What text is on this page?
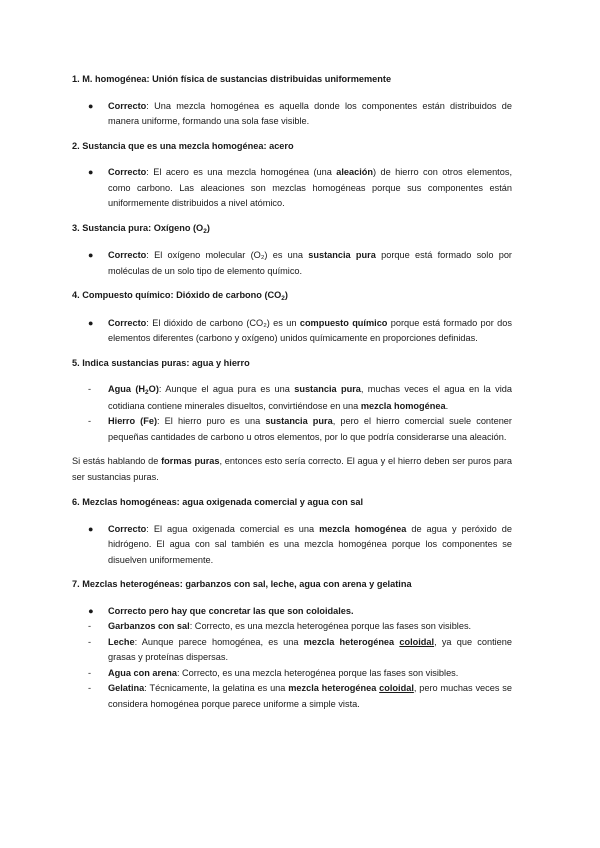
1. M. homogénea: Unión física de sustancias distribuidas uniformemente

● Correcto: Una mezcla homogénea es aquella donde los componentes están distribuidos de manera uniforme, formando una sola fase visible.

2. Sustancia que es una mezcla homogénea: acero

● Correcto: El acero es una mezcla homogénea (una aleación) de hierro con otros elementos, como carbono. Las aleaciones son mezclas homogéneas porque sus componentes están uniformemente distribuidos a nivel atómico.

3. Sustancia pura: Oxígeno $(O_2)$

● Correcto: El oxígeno molecular (O₂) es una sustancia pura porque está formado solo por moléculas de un solo tipo de elemento químico.

4. Compuesto químico: Dióxido de carbono $(CO_2)$

● Correcto: El dióxido de carbono (CO₂) es un compuesto químico porque está formado por dos elementos diferentes (carbono y oxígeno) unidos químicamente en proporciones definidas.

5. Indica sustancias puras: agua y hierro

- Agua $(H_2O)$: Aunque el agua pura es una sustancia pura, muchas veces el agua en la vida cotidiana contiene minerales disueltos, convirtiéndose en una mezcla homogénea.
- Hierro (Fe): El hierro puro es una sustancia pura, pero el hierro comercial suele contener pequeñas cantidades de carbono u otros elementos, por lo que podría considerarse una aleación.

Si estás hablando de formas puras, entonces esto sería correcto. El agua y el hierro deben ser puros para ser sustancias puras.

6. Mezclas homogéneas: agua oxigenada comercial y agua con sal

● Correcto: El agua oxigenada comercial es una mezcla homogénea de agua y peróxido de hidrógeno. El agua con sal también es una mezcla homogénea porque los componentes se disuelven uniformemente.

7. Mezclas heterogéneas: garbanzos con sal, leche, agua con arena y gelatina

● Correcto pero hay que concretar las que son coloidales.
- Garbanzos con sal: Correcto, es una mezcla heterogénea porque las fases son visibles.
- Leche: Aunque parece homogénea, es una mezcla heterogénea coloidal, ya que contiene grasas y proteínas dispersas.
- Agua con arena: Correcto, es una mezcla heterogénea porque las fases son visibles.
- Gelatina: Técnicamente, la gelatina es una mezcla heterogénea coloidal, pero muchas veces se considera homogénea porque parece uniforme a simple vista.
